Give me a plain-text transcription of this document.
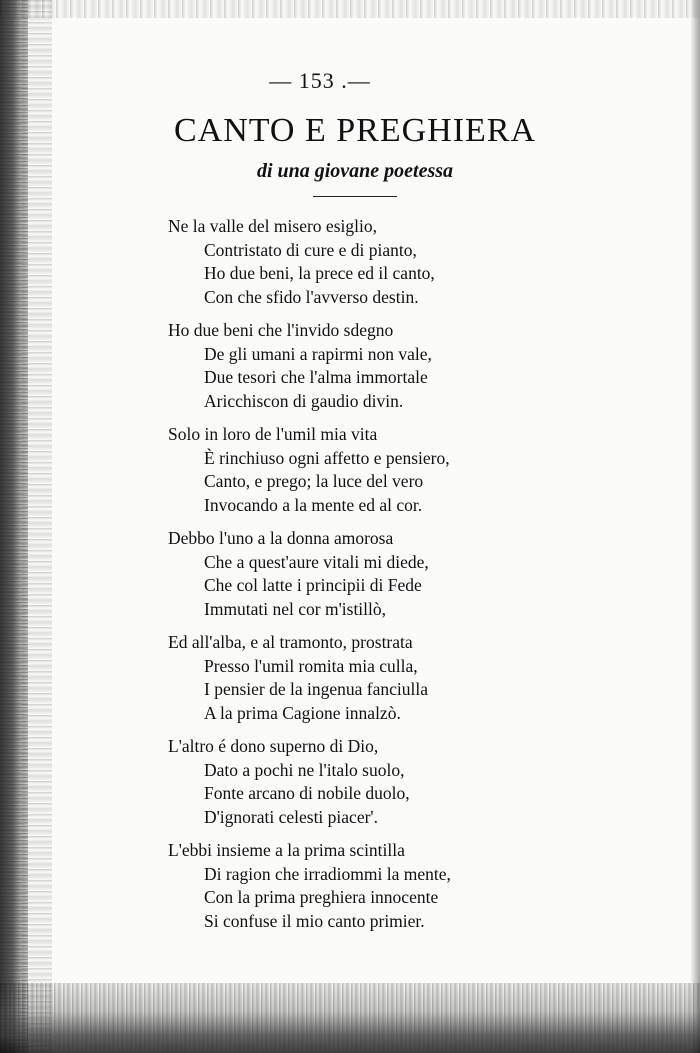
— 153 .—
CANTO E PREGHIERA
di una giovane poetessa
Ne la valle del misero esiglio,
Contristato di cure e di pianto,
Ho due beni, la prece ed il canto,
Con che sfido l'avverso destin.
Ho due beni che l'invido sdegno
De gli umani a rapirmi non vale,
Due tesori che l'alma immortale
Aricchiscon di gaudio divin.
Solo in loro de l'umil mia vita
È rinchiuso ogni affetto e pensiero,
Canto, e prego; la luce del vero
Invocando a la mente ed al cor.
Debbo l'uno a la donna amorosa
Che a quest'aure vitali mi diede,
Che col latte i principii di Fede
Immutati nel cor m'istillò,
Ed all'alba, e al tramonto, prostrata
Presso l'umil romita mia culla,
I pensier de la ingenua fanciulla
A la prima Cagione innalzò.
L'altro é dono superno di Dio,
Dato a pochi ne l'italo suolo,
Fonte arcano di nobile duolo,
D'ignorati celesti piacer'.
L'ebbi insieme a la prima scintilla
Di ragion che irradiommi la mente,
Con la prima preghiera innocente
Si confuse il mio canto primier.
